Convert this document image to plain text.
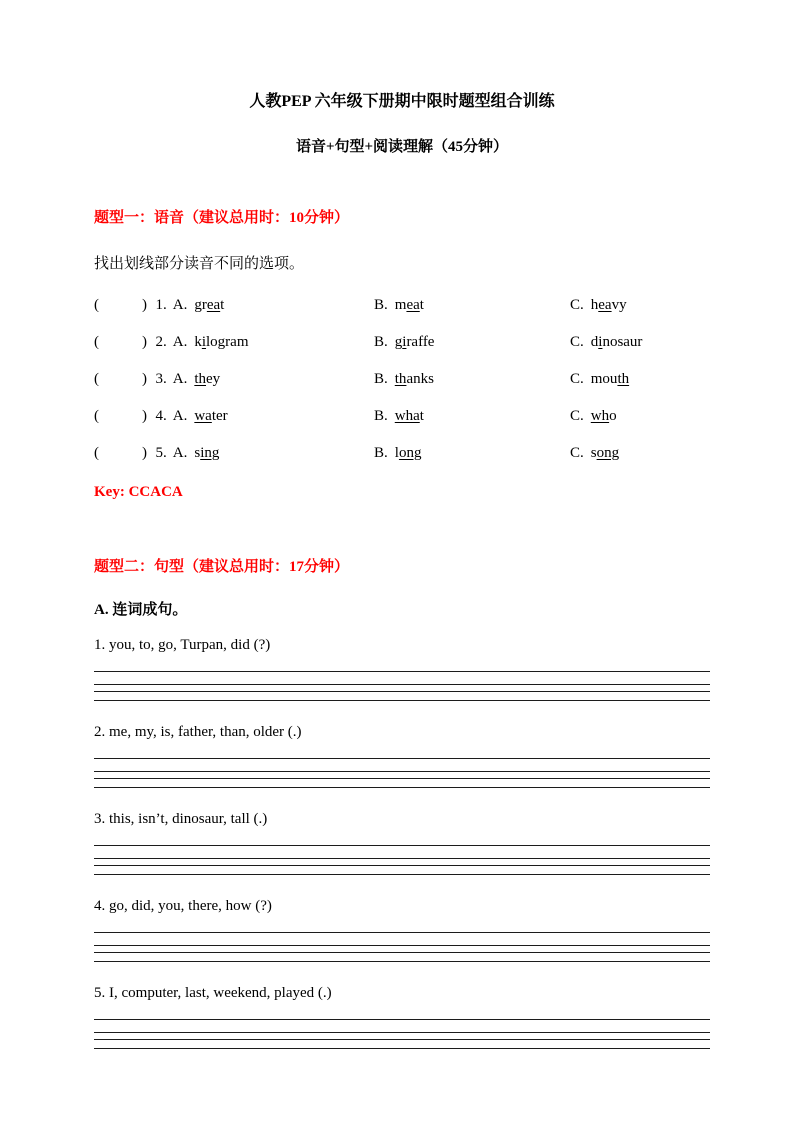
人教PEP 六年级下册期中限时题型组合训练
语音+句型+阅读理解（45分钟）

题型一：语音（建议总用时：10分钟）

找出划线部分读音不同的选项。

(          ) 1. A. great	B. meat	C. heavy
(          ) 2. A. kilogram	B. giraffe	C. dinosaur
(          ) 3. A. they	B. thanks	C. mouth
(          ) 4. A. water	B. what	C. who
(          ) 5. A. sing	B. long	C. song

Key: CCACA

题型二：句型（建议总用时：17分钟）

A. 连词成句。

1. you, to, go, Turpan, did (?)

2. me, my, is, father, than, older (.)

3. this, isn’t, dinosaur, tall (.)

4. go, did, you, there, how (?)

5. I, computer, last, weekend, played (.)
